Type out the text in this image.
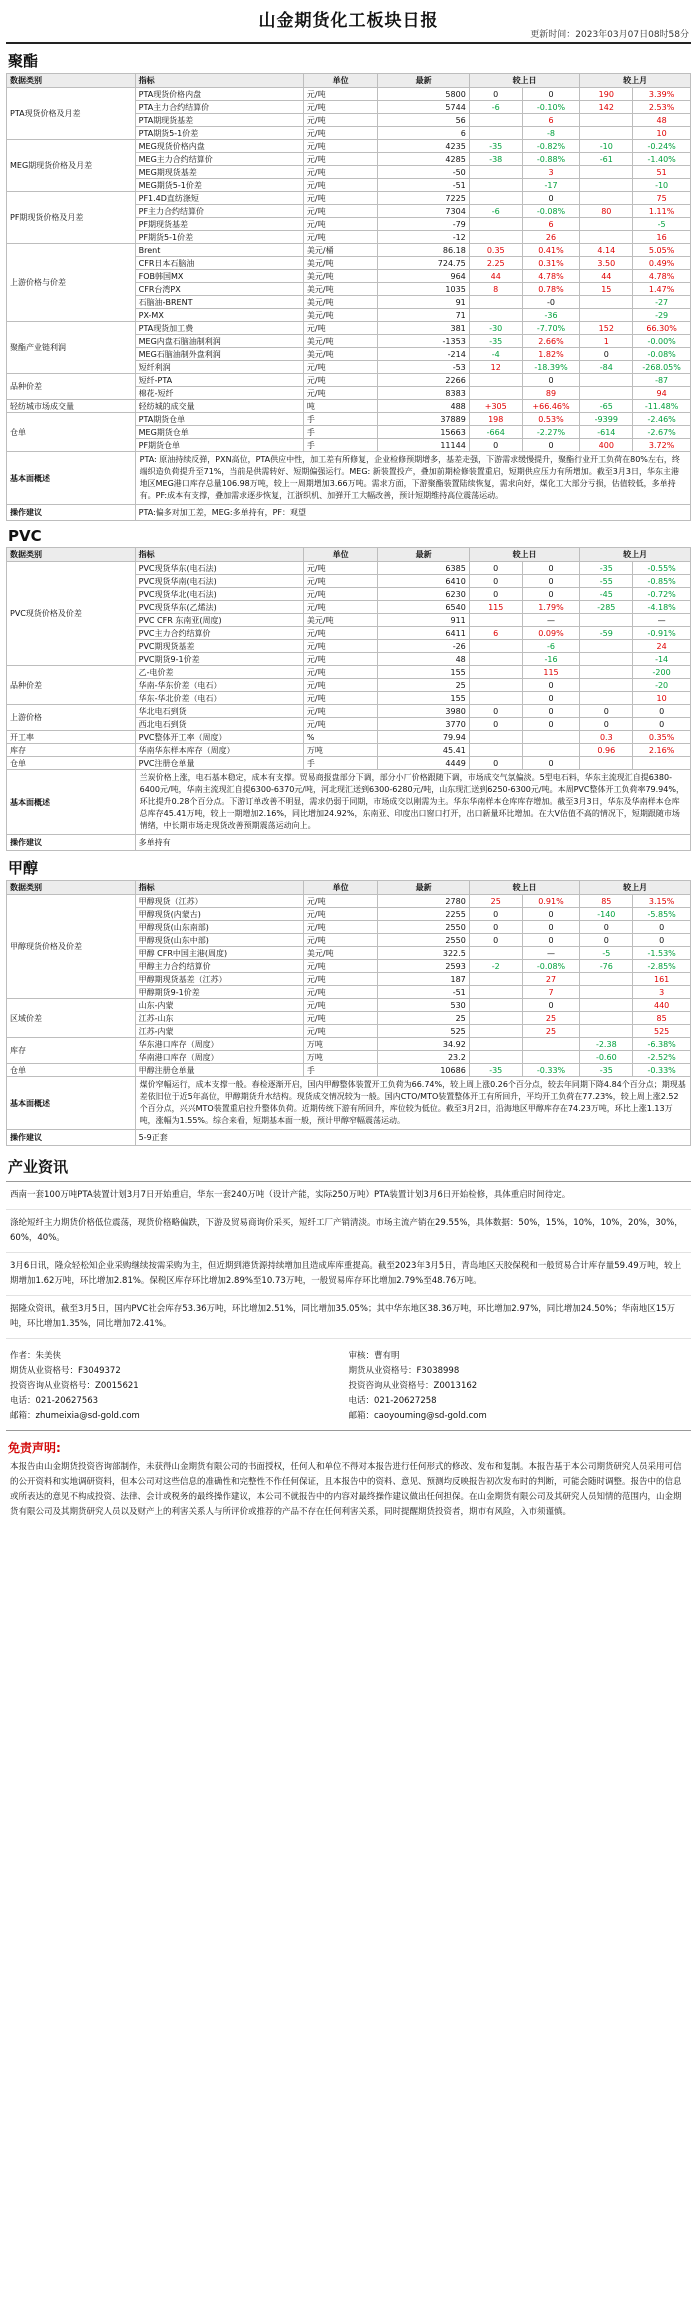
山金期货化工板块日报
更新时间：2023年03月07日08时58分
聚酯
数据类别	指标	单位	最新	较上日		较上月	
PTA现货价格及月差	PTA现货价格内盘	元/吨	5800	0	0	190	3.39%
	PTA主力合约结算价	元/吨	5744	-6	-0.10%	142	2.53%
	PTA期现货基差	元/吨	56		6		48
	PTA期货5-1价差	元/吨	6		-8		10
MEG期现货价格及月差	MEG现货价格内盘	元/吨	4235	-35	-0.82%	-10	-0.24%
	MEG主力合约结算价	元/吨	4285	-38	-0.88%	-61	-1.40%
	MEG期现货基差	元/吨	-50		3		51
	MEG期货5-1价差	元/吨	-51		-17		-10
PF期现货价格及月差	PF1.4D直纺涤短	元/吨	7225		0		75
	PF主力合约结算价	元/吨	7304	-6	-0.08%	80	1.11%
	PF期现货基差	元/吨	-79		6		-5
	PF期货5-1价差	元/吨	-12		26		16
上游价格与价差	Brent	美元/桶	86.18	0.35	0.41%	4.14	5.05%
	CFR日本石脑油	美元/吨	724.75	2.25	0.31%	3.50	0.49%
	FOB韩国MX	美元/吨	964	44	4.78%	44	4.78%
	CFR台湾PX	美元/吨	1035	8	0.78%	15	1.47%
	石脑油-BRENT	美元/吨	91		-0		-27
	PX-MX	美元/吨	71		-36		-29
聚酯产业链利润	PTA现货加工费	元/吨	381	-30	-7.70%	152	66.30%
	MEG内盘石脑油制利润	美元/吨	-1353	-35	2.66%	1	-0.00%
	MEG石脑油制外盘利润	美元/吨	-214	-4	1.82%	0	-0.08%
	短纤利润	元/吨	-53	12	-18.39%	-84	-268.05%
品种价差	短纤-PTA	元/吨	2266		0		-87
	棉花-短纤	元/吨	8383		89		94
轻纺城市场成交量	轻纺城的成交量	吨	488	+305	+66.46%	-65	-11.48%
仓单	PTA期货仓单	手	37889	198	0.53%	-9399	-2.46%
	MEG期货仓单	手	15663	-664	-2.27%	-614	-2.67%
	PF期货仓单	手	11144	0	0	400	3.72%
基本面概述	PTA: 原油持续反弹，PXN高位，PTA供应中性，加工差有所修复，企业检修预期增多，基差走强，下游需求缓慢提升，聚酯行业开工负荷在80%左右，终端织造负荷提升至71%，当前是供需转好、短期偏强运行。MEG: 新装置投产，叠加前期检修装置重启，短期供应压力有所增加。截至3月3日，华东主港地区MEG港口库存总量106.98万吨，较上一周期增加3.66万吨。需求方面，下游聚酯装置陆续恢复，需求向好，煤化工大部分亏损，估值较低，多单持有。PF:成本有支撑，叠加需求逐步恢复，江浙织机、加弹开工大幅改善，预计短期维持高位震荡运动。						
操作建议	PTA:偏多对加工差，MEG:多单持有，PF：观望						
PVC
数据类别	指标	单位	最新	较上日		较上月	
PVC现货价格及价差	PVC现货华东(电石法)	元/吨	6385	0	0	-35	-0.55%
	PVC现货华南(电石法)	元/吨	6410	0	0	-55	-0.85%
	PVC现货华北(电石法)	元/吨	6230	0	0	-45	-0.72%
	PVC现货华东(乙烯法)	元/吨	6540	115	1.79%	-285	-4.18%
	PVC CFR 东南亚(周度)	美元/吨	911		—		—
	PVC主力合约结算价	元/吨	6411	6	0.09%	-59	-0.91%
	PVC期现货基差	元/吨	-26		-6		24
	PVC期货9-1价差	元/吨	48		-16		-14
品种价差	乙-电价差	元/吨	155		115		-200
	华南-华东价差（电石）	元/吨	25		0		-20
	华东-华北价差（电石）	元/吨	155		0		10
上游价格	华北电石到货	元/吨	3980	0	0	0	0
	西北电石到货	元/吨	3770	0	0	0	0
开工率	PVC整体开工率（周度）	%	79.94			0.3	0.35%
库存	华南华东样本库存（周度）	万吨	45.41			0.96	2.16%
仓单	PVC注册仓单量	手	4449	0	0		
基本面概述	兰炭价格上涨，电石基本稳定，成本有支撑。贸易商报盘部分下调，部分小厂价格跟随下调，市场成交气氛偏淡。5型电石料，华东主流现汇自提6380-6400元/吨，华南主流现汇自提6300-6370元/吨，河北现汇送到6300-6280元/吨，山东现汇送到6250-6300元/吨。本周PVC整体开工负荷率79.94%，环比提升0.28个百分点。下游订单改善不明显，需求仍弱于同期，市场成交以刚需为主。华东华南样本仓库库存增加。截至3月3日，华东及华南样本仓库总库存45.41万吨，较上一期增加2.16%，同比增加24.92%，东南亚、印度出口窗口打开，出口新量环比增加。在大V估值不高的情况下，短期跟随市场情绪，中长期市场走现货改善预期震荡运动向上。						
操作建议	多单持有						
甲醇
数据类别	指标	单位	最新	较上日		较上月	
甲醇现货价格及价差	甲醇现货（江苏）	元/吨	2780	25	0.91%	85	3.15%
	甲醇现货(内蒙古)	元/吨	2255	0	0	-140	-5.85%
	甲醇现货(山东南部)	元/吨	2550	0	0	0	0
	甲醇现货(山东中部)	元/吨	2550	0	0	0	0
	甲醇 CFR中国主港(周度)	美元/吨	322.5		—	-5	-1.53%
	甲醇主力合约结算价	元/吨	2593	-2	-0.08%	-76	-2.85%
	甲醇期现货基差（江苏）	元/吨	187		27		161
	甲醇期货9-1价差	元/吨	-51		7		3
区域价差	山东-内蒙	元/吨	530		0		440
	江苏-山东	元/吨	25		25		85
	江苏-内蒙	元/吨	525		25		525
库存	华东港口库存（周度）	万吨	34.92			-2.38	-6.38%
	华南港口库存（周度）	万吨	23.2			-0.60	-2.52%
仓单	甲醇注册仓单量	手	10686	-35	-0.33%	-35	-0.33%
基本面概述	煤价窄幅运行，成本支撑一般。春检逐渐开启，国内甲醇整体装置开工负荷为66.74%，较上周上涨0.26个百分点，较去年同期下降4.84个百分点；期现基差依旧位于近5年高位，甲醇期货升水结构。现货成交情况较为一般。国内CTO/MTO装置整体开工有所回升，平均开工负荷在77.23%，较上周上涨2.52个百分点，兴兴MTO装置重启拉升整体负荷。近期传统下游有所回升，库位较为低位。截至3月2日，沿海地区甲醇库存在74.23万吨，环比上涨1.13万吨，涨幅为1.55%。综合来看，短期基本面一般，预计甲醇窄幅震荡运动。						
操作建议	5-9正套						
产业资讯

西南一套100万吨PTA装置计划3月7日开始重启，华东一套240万吨（设计产能，实际250万吨）PTA装置计划3月6日开始检修，具体重启时间待定。

涤纶短纤主力期货价格低位震荡，现货价格略偏跌，下游及贸易商询价采买，短纤工厂产销清淡。市场主流产销在29.55%，具体数据：50%，15%，10%，10%，20%，30%，60%，40%。

3月6日讯，隆众轻松知企业采购继续按需采购为主，但近期到港货源持续增加且造成库库重提高。截至2023年3月5日，青岛地区天胶保税和一般贸易合计库存量59.49万吨，较上期增加1.62万吨，环比增加2.81%。保税区库存环比增加2.89%至10.73万吨，一般贸易库存环比增加2.79%至48.76万吨。

据隆众资讯，截至3月5日，国内PVC社会库存53.36万吨，环比增加2.51%，同比增加35.05%；其中华东地区38.36万吨，环比增加2.97%，同比增加24.50%；华南地区15万吨，环比增加1.35%，同比增加72.41%。

作者：朱美侠
期货从业资格号：F3049372
投资咨询从业资格号：Z0015621
电话：021-20627563
邮箱：zhumeixia@sd-gold.com
审核：曹有明
期货从业资格号：F3038998
投资咨询从业资格号：Z0013162
电话：021-20627258
邮箱：caoyouming@sd-gold.com
免责声明:
本报告由山金期货投资咨询部制作，未获得山金期货有限公司的书面授权，任何人和单位不得对本报告进行任何形式的修改、发布和复制。本报告基于本公司期货研究人员采用可信的公开资料和实地调研资料，但本公司对这些信息的准确性和完整性不作任何保证，且本报告中的资料、意见、预测均反映报告初次发布时的判断，可能会随时调整。报告中的信息或所表达的意见不构成投资、法律、会计或税务的最终操作建议，本公司不就报告中的内容对最终操作建议做出任何担保。在山金期货有限公司及其研究人员知情的范围内，山金期货有限公司及其期货研究人员以及财产上的利害关系人与所评价或推荐的产品不存在任何利害关系，同时提醒期货投资者，期市有风险，入市须谨慎。
